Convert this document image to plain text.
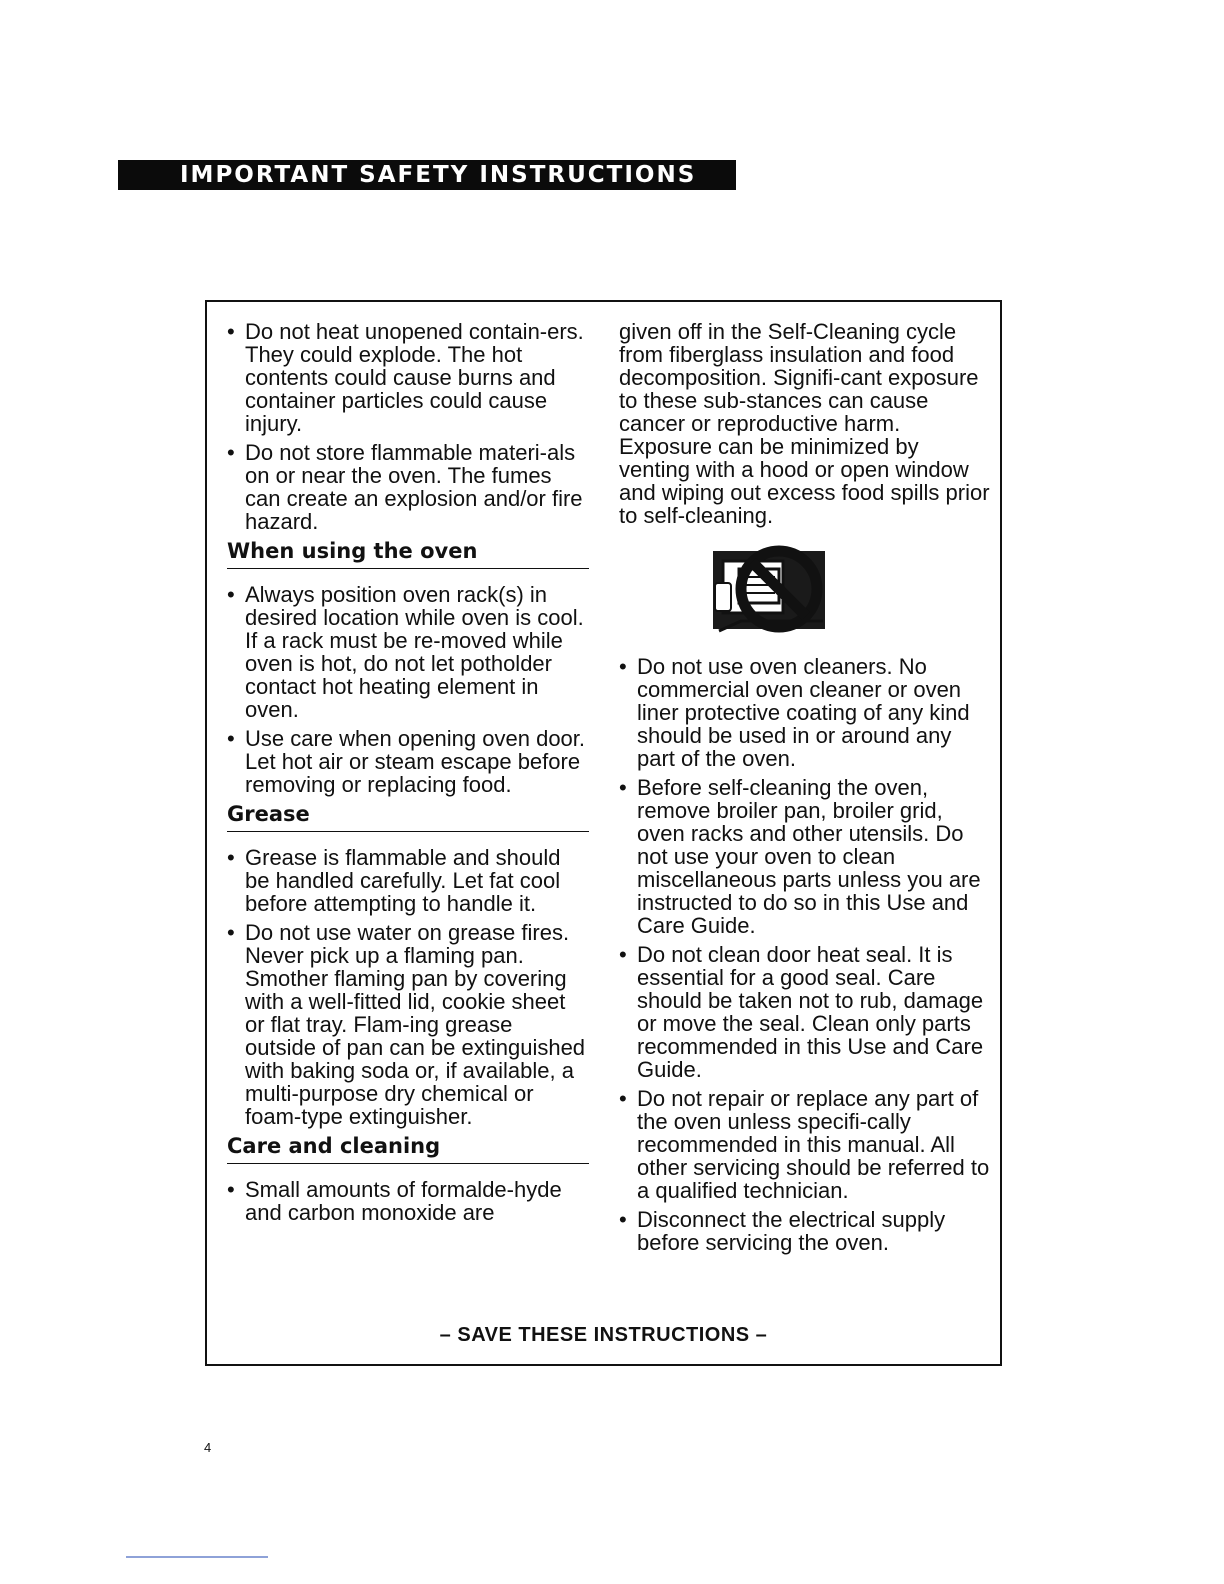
IMPORTANT SAFETY INSTRUCTIONS
• Do not heat unopened contain-ers. They could explode. The hot contents could cause burns and container particles could cause injury.
• Do not store flammable materi-als on or near the oven. The fumes can create an explosion and/or fire hazard.
When using the oven
• Always position oven rack(s) in desired location while oven is cool. If a rack must be re-moved while oven is hot, do not let potholder contact hot heating element in oven.
• Use care when opening oven door. Let hot air or steam escape before removing or replacing food.
Grease
• Grease is flammable and should be handled carefully. Let fat cool before attempting to handle it.
• Do not use water on grease fires. Never pick up a flaming pan. Smother flaming pan by covering with a well-fitted lid, cookie sheet or flat tray. Flam-ing grease outside of pan can be extinguished with baking soda or, if available, a multi-purpose dry chemical or foam-type extinguisher.
Care and cleaning
• Small amounts of formalde-hyde and carbon monoxide are
given off in the Self-Cleaning cycle from fiberglass insulation and food decomposition. Signifi-cant exposure to these sub-stances can cause cancer or reproductive harm. Exposure can be minimized by venting with a hood or open window and wiping out excess food spills prior to self-cleaning.
• Do not use oven cleaners. No commercial oven cleaner or oven liner protective coating of any kind should be used in or around any part of the oven.
• Before self-cleaning the oven, remove broiler pan, broiler grid, oven racks and other utensils. Do not use your oven to clean miscellaneous parts unless you are instructed to do so in this Use and Care Guide.
• Do not clean door heat seal. It is essential for a good seal. Care should be taken not to rub, damage or move the seal. Clean only parts recommended in this Use and Care Guide.
• Do not repair or replace any part of the oven unless specifi-cally recommended in this manual. All other servicing should be referred to a qualified technician.
• Disconnect the electrical supply before servicing the oven.
– SAVE THESE INSTRUCTIONS –
4
